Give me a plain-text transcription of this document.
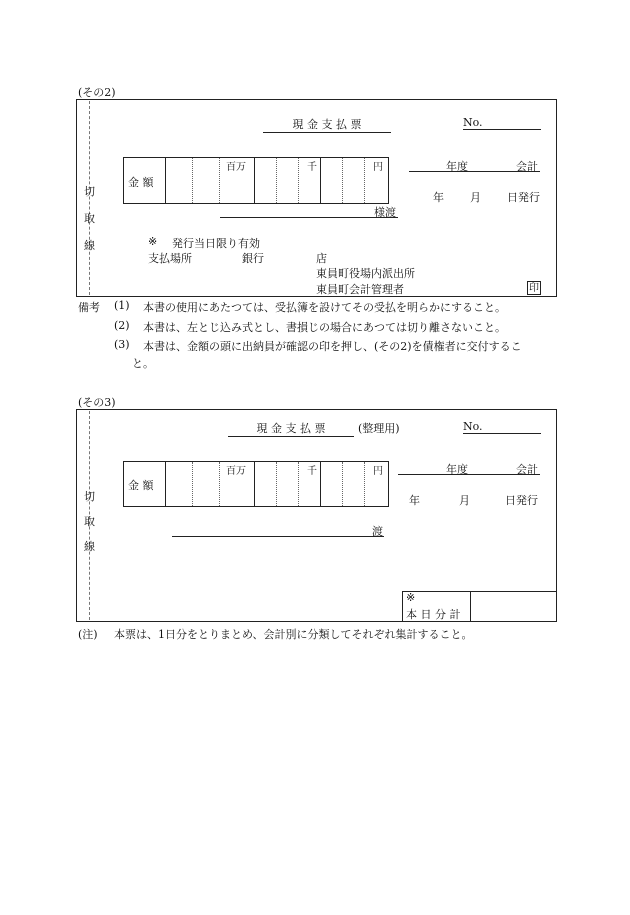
(その2)
切
取
線
現 金 支 払 票	No.
金 額
百万	千	円	年度	会計
年 月 日発行
様渡
※ 発行当日限り有効
支払場所	銀行	店
東員町役場内派出所
東員町会計管理者	印
備考 (1) 本書の使用にあたつては、受払簿を設けてその受払を明らかにすること。
(2) 本書は、左とじ込み式とし、書損じの場合にあつては切り離さないこと。
(3) 本書は、金額の頭に出納員が確認の印を押し、(その2)を債権者に交付するこ
と。
(その3)
切
取
線
現 金 支 払 票	(整理用)	No.
金 額
百万	千	円	年度	会計
年	月	日発行
渡
※
本 日 分 計
(注) 本票は、1日分をとりまとめ、会計別に分類してそれぞれ集計すること。
